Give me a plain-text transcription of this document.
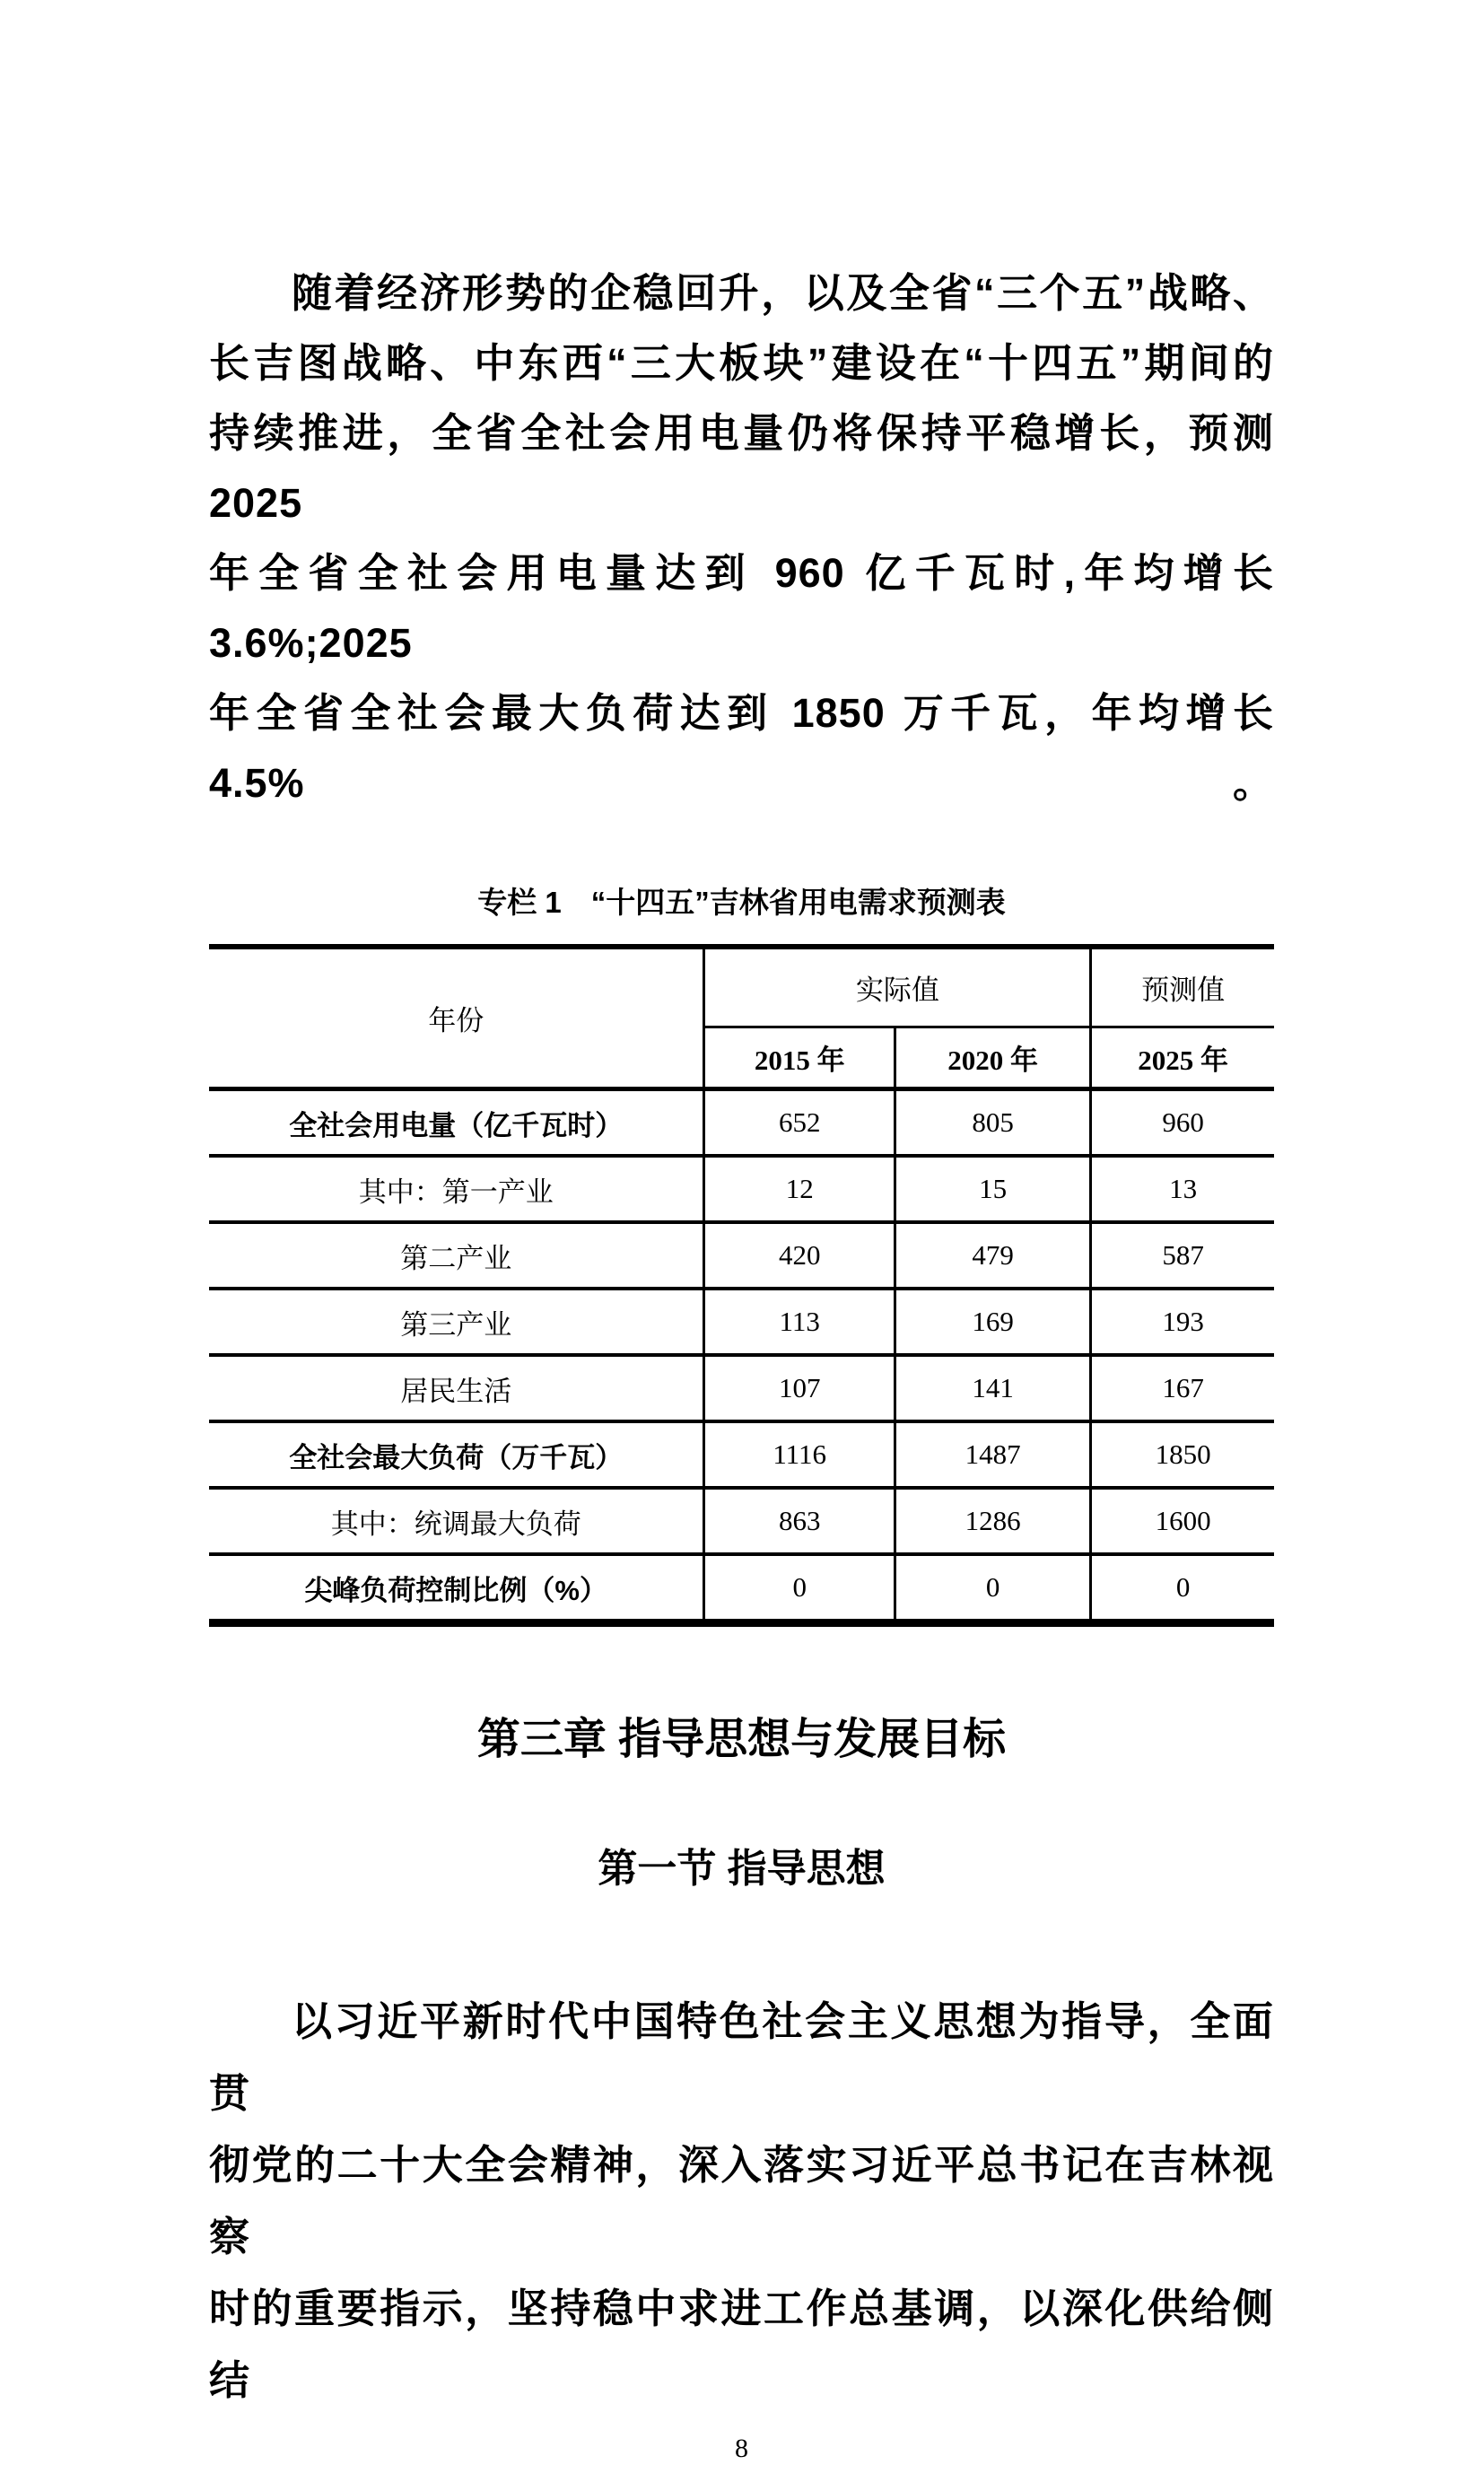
随着经济形势的企稳回升，以及全省“三个五”战略、
长吉图战略、中东西“三大板块”建设在“十四五”期间的
持续推进，全省全社会用电量仍将保持平稳增长，预测 2025
年全省全社会用电量达到 960 亿千瓦时,年均增长 3.6%;2025
年全省全社会最大负荷达到 1850 万千瓦，年均增长 4.5%。

专栏 1　“十四五”吉林省用电需求预测表
年份	实际值		预测值
	2015 年	2020 年	2025 年
全社会用电量（亿千瓦时）	652	805	960
其中：第一产业	12	15	13
第二产业	420	479	587
第三产业	113	169	193
居民生活	107	141	167
全社会最大负荷（万千瓦）	1116	1487	1850
其中：统调最大负荷	863	1286	1600
尖峰负荷控制比例（%）	0	0	0
第三章 指导思想与发展目标
第一节 指导思想

以习近平新时代中国特色社会主义思想为指导，全面贯
彻党的二十大全会精神，深入落实习近平总书记在吉林视察
时的重要指示，坚持稳中求进工作总基调，以深化供给侧结

8
